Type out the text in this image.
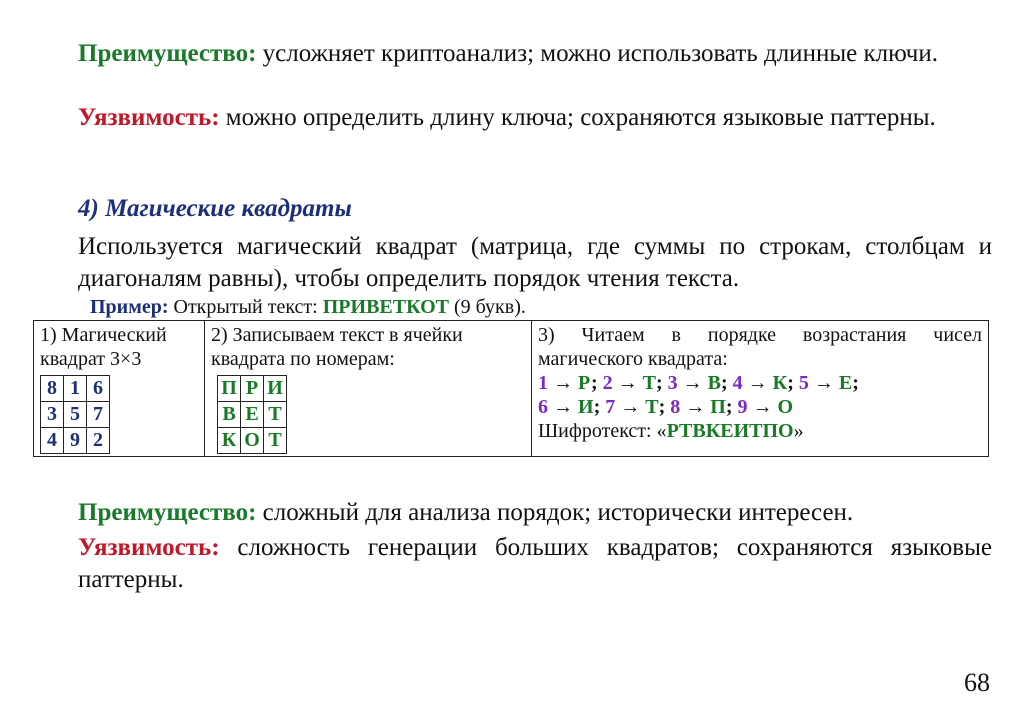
Преимущество: усложняет криптоанализ; можно использовать длинные ключи.
Уязвимость: можно определить длину ключа; сохраняются языковые паттерны.
4) Магические квадраты
Используется магический квадрат (матрица, где суммы по строкам, столбцам и диагоналям равны), чтобы определить порядок чтения текста.
Пример: Открытый текст: ПРИВЕТКОТ (9 букв).
1) Магический квадрат 3×3
8	1	6
3	5	7
4	9	2

2) Записываем текст в ячейки квадрата по номерам:
П	Р	И
В	Е	Т
К	О	Т

3) Читаем в порядке возрастания чисел магического квадрата:
1 → Р; 2 → Т; 3 → В; 4 → К; 5 → Е;
6 → И; 7 → Т; 8 → П; 9 → О
Шифротекст: «РТВКЕИТПО»
Преимущество: сложный для анализа порядок; исторически интересен.
Уязвимость: сложность генерации больших квадратов; сохраняются языковые паттерны.
68
